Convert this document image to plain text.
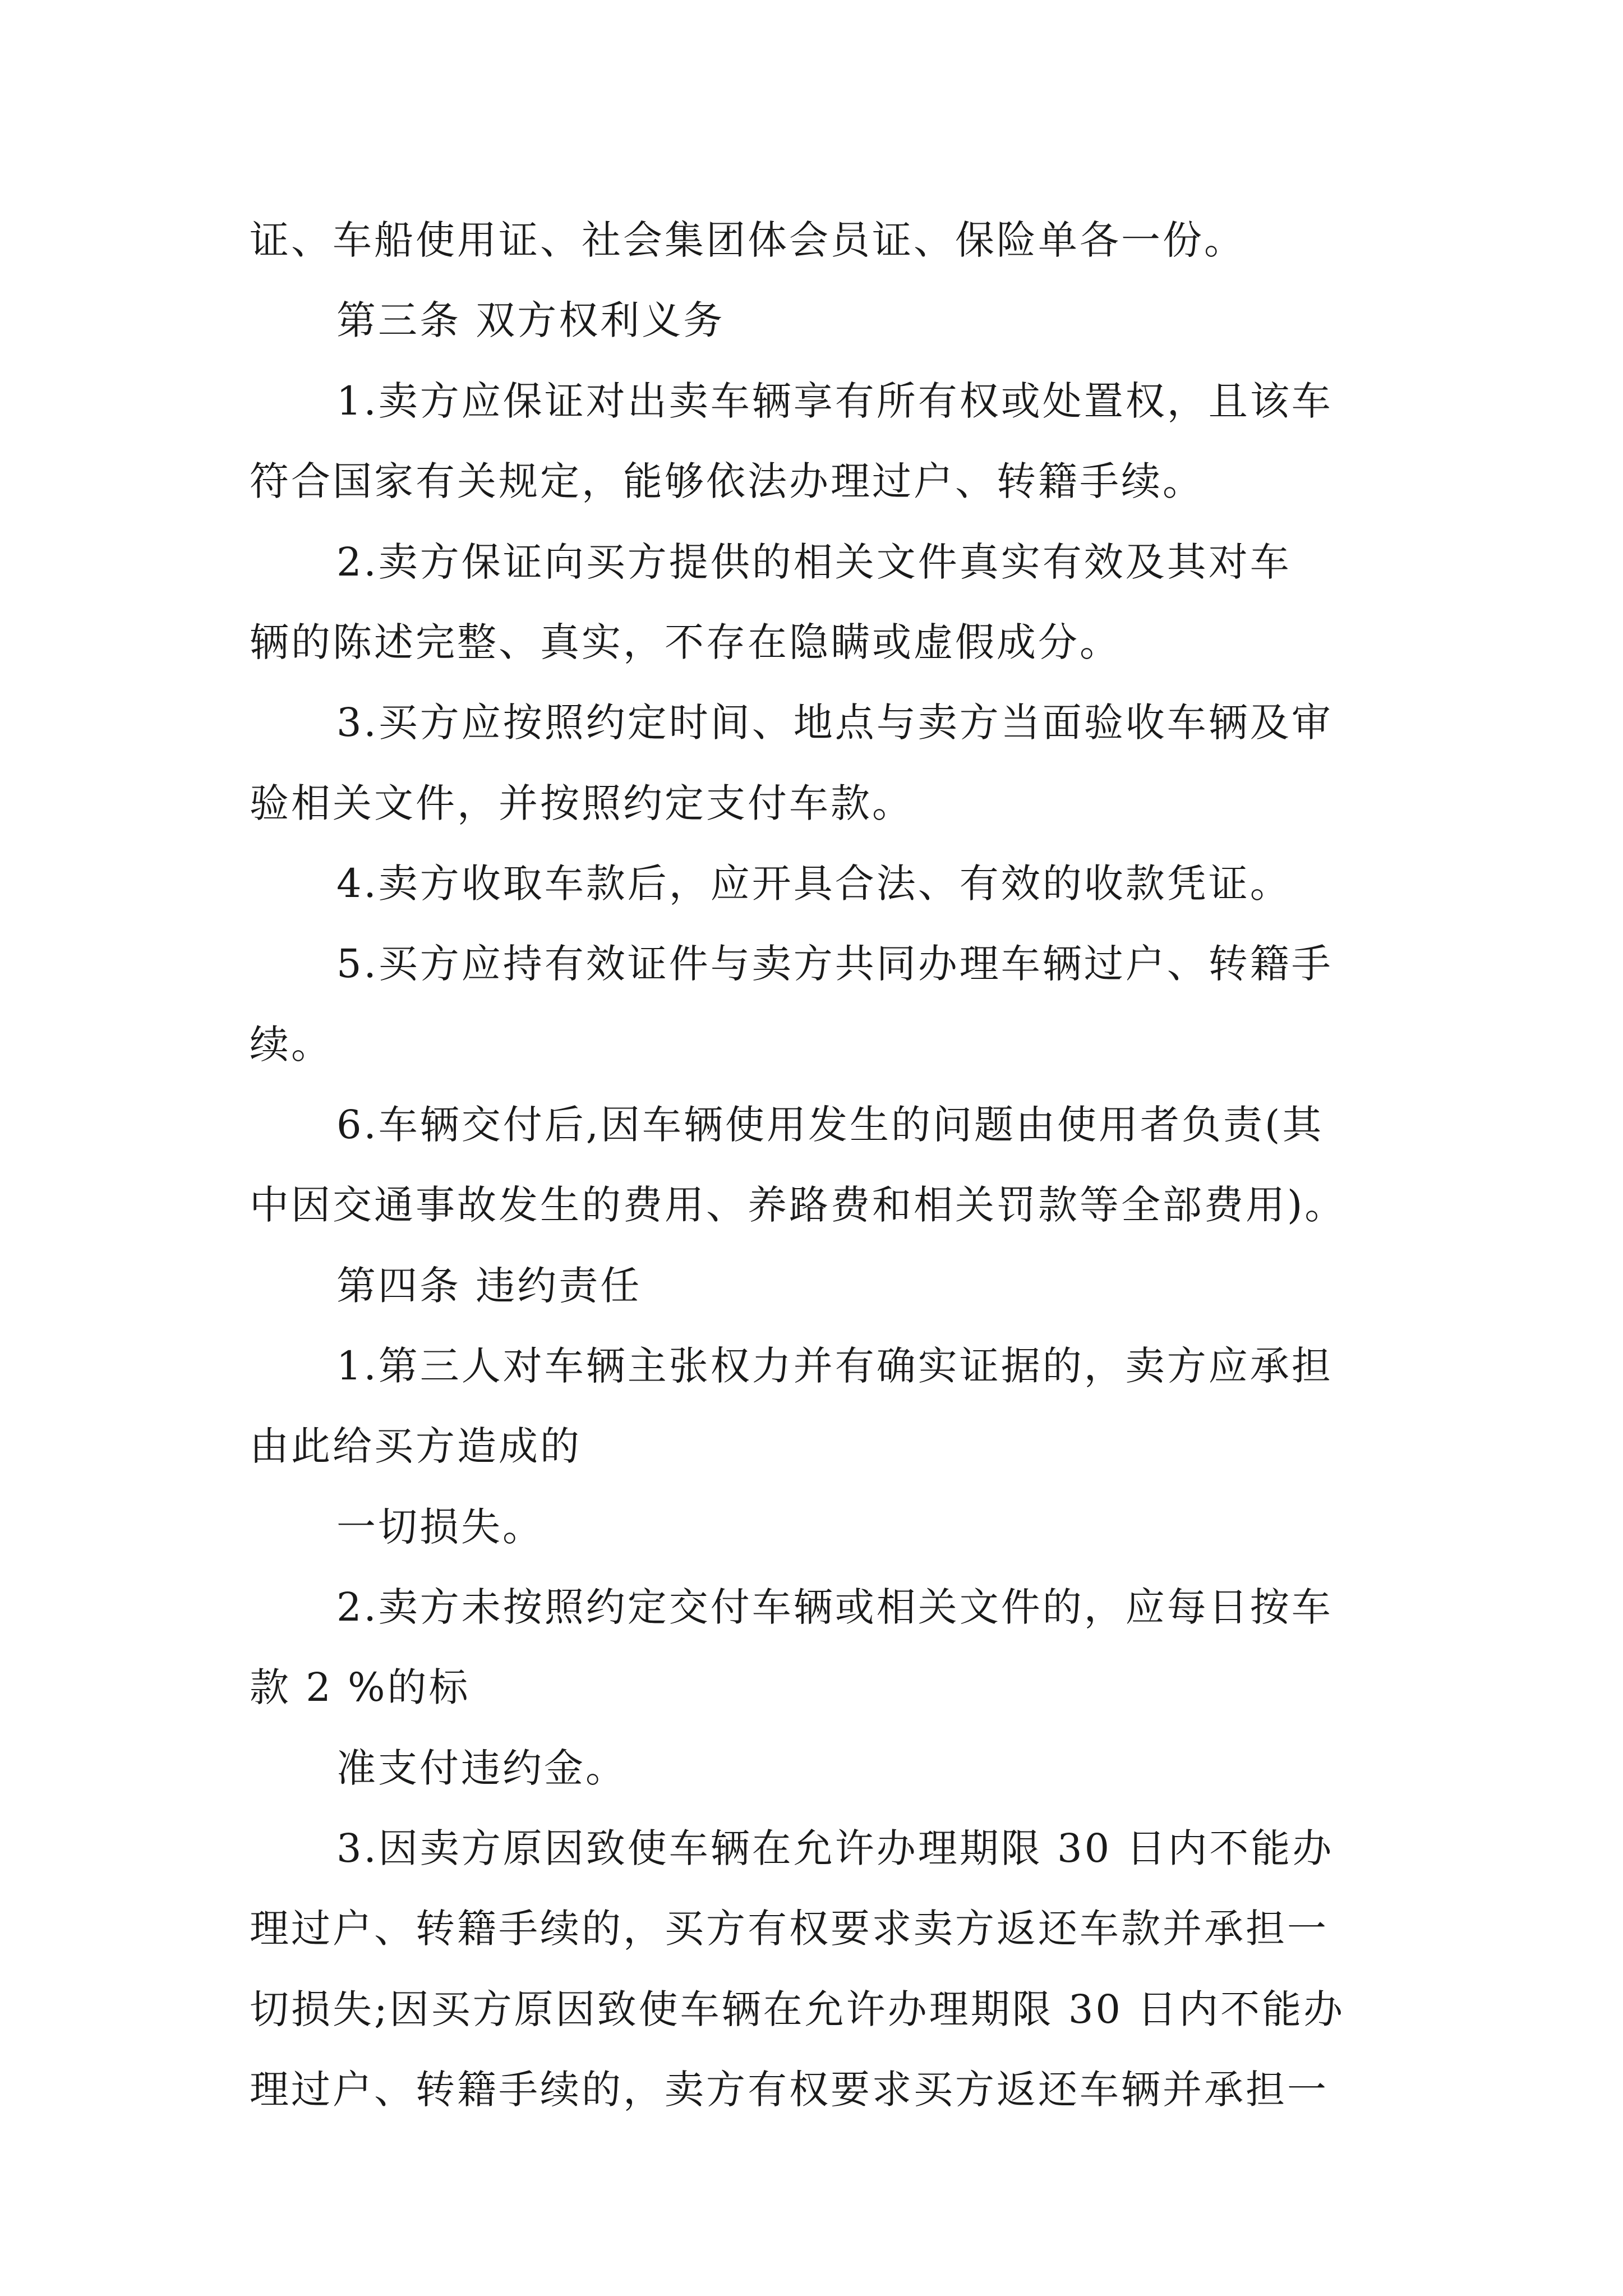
证、车船使用证、社会集团体会员证、保险单各一份。

第三条 双方权利义务

1.卖方应保证对出卖车辆享有所有权或处置权，且该车

符合国家有关规定，能够依法办理过户、转籍手续。

2.卖方保证向买方提供的相关文件真实有效及其对车

辆的陈述完整、真实，不存在隐瞒或虚假成分。

3.买方应按照约定时间、地点与卖方当面验收车辆及审

验相关文件，并按照约定支付车款。

4.卖方收取车款后，应开具合法、有效的收款凭证。

5.买方应持有效证件与卖方共同办理车辆过户、转籍手

续。

6.车辆交付后,因车辆使用发生的问题由使用者负责(其

中因交通事故发生的费用、养路费和相关罚款等全部费用)。

第四条 违约责任

1.第三人对车辆主张权力并有确实证据的，卖方应承担

由此给买方造成的

一切损失。

2.卖方未按照约定交付车辆或相关文件的，应每日按车

款 2 %的标

准支付违约金。

3.因卖方原因致使车辆在允许办理期限 30 日内不能办

理过户、转籍手续的，买方有权要求卖方返还车款并承担一

切损失;因买方原因致使车辆在允许办理期限 30 日内不能办

理过户、转籍手续的，卖方有权要求买方返还车辆并承担一
